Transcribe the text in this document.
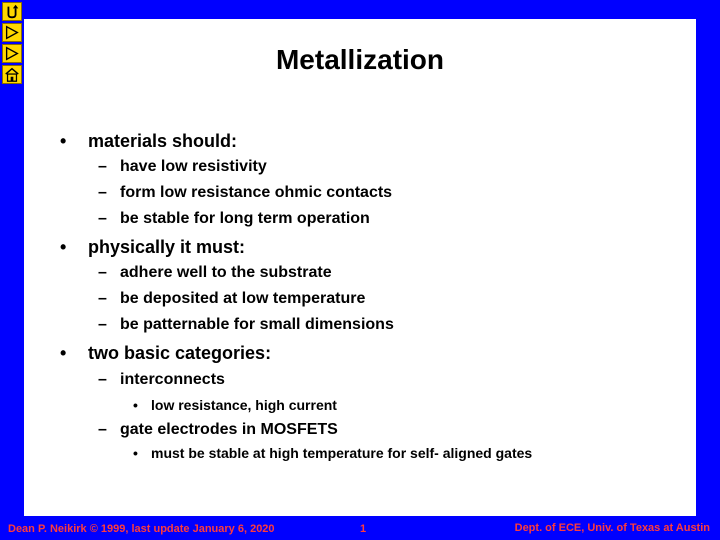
Metallization
• materials should:
– have low resistivity
– form low resistance ohmic contacts
– be stable for long term operation
• physically it must:
– adhere well to the substrate
– be deposited at low temperature
– be patternable for small dimensions
• two basic categories:
– interconnects
• low resistance, high current
– gate electrodes in MOSFETS
• must be stable at high temperature for self- aligned gates
Dean P. Neikirk © 1999, last update January 6, 2020	1	Dept. of ECE, Univ. of Texas at Austin
